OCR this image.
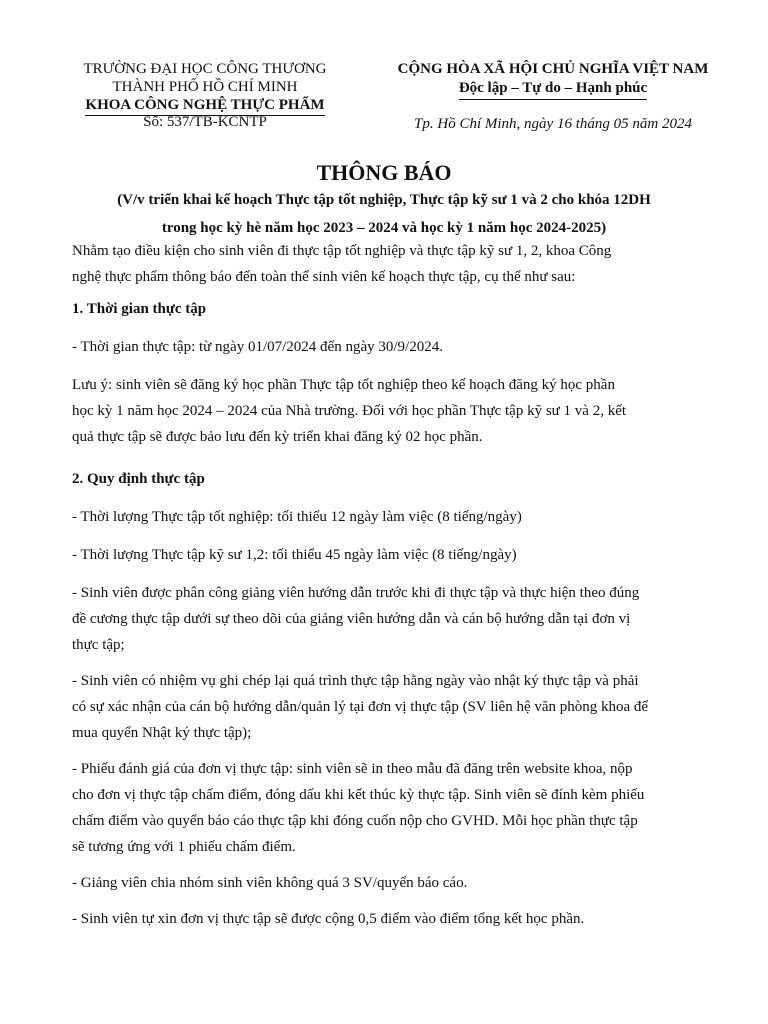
TRƯỜNG ĐẠI HỌC CÔNG THƯƠNG
THÀNH PHỐ HỒ CHÍ MINH
KHOA CÔNG NGHỆ THỰC PHẨM
Số: 537/TB-KCNTP
CỘNG HÒA XÃ HỘI CHỦ NGHĨA VIỆT NAM
Độc lập – Tự do – Hạnh phúc
Tp. Hồ Chí Minh, ngày 16 tháng 05 năm 2024
THÔNG BÁO
(V/v triển khai kế hoạch Thực tập tốt nghiệp, Thực tập kỹ sư 1 và 2 cho khóa 12DH
trong học kỳ hè năm học 2023 – 2024 và học kỳ 1 năm học 2024-2025)

Nhằm tạo điều kiện cho sinh viên đi thực tập tốt nghiệp và thực tập kỹ sư 1, 2, khoa Công

nghệ thực phẩm thông báo đến toàn thể sinh viên kế hoạch thực tập, cụ thể như sau:

1. Thời gian thực tập

- Thời gian thực tập: từ ngày 01/07/2024 đến ngày 30/9/2024.

Lưu ý: sinh viên sẽ đăng ký học phần Thực tập tốt nghiệp theo kế hoạch đăng ký học phần

học kỳ 1 năm học 2024 – 2024 của Nhà trường. Đối với học phần Thực tập kỹ sư 1 và 2, kết

quả thực tập sẽ được bảo lưu đến kỳ triển khai đăng ký 02 học phần.

2. Quy định thực tập

- Thời lượng Thực tập tốt nghiệp: tối thiểu 12 ngày làm việc (8 tiếng/ngày)

- Thời lượng Thực tập kỹ sư 1,2: tối thiểu 45 ngày làm việc (8 tiếng/ngày)

- Sinh viên được phân công giảng viên hướng dẫn trước khi đi thực tập và thực hiện theo đúng

đề cương thực tập dưới sự theo dõi của giảng viên hướng dẫn và cán bộ hướng dẫn tại đơn vị

thực tập;

- Sinh viên có nhiệm vụ ghi chép lại quá trình thực tập hằng ngày vào nhật ký thực tập và phải

có sự xác nhận của cán bộ hướng dẫn/quản lý tại đơn vị thực tập (SV liên hệ văn phòng khoa để

mua quyển Nhật ký thực tập);

- Phiếu đánh giá của đơn vị thực tập: sinh viên sẽ in theo mẫu đã đăng trên website khoa, nộp

cho đơn vị thực tập chấm điểm, đóng dấu khi kết thúc kỳ thực tập. Sinh viên sẽ đính kèm phiếu

chấm điểm vào quyển báo cáo thực tập khi đóng cuốn nộp cho GVHD. Mỗi học phần thực tập

sẽ tương ứng với 1 phiếu chấm điểm.

- Giảng viên chia nhóm sinh viên không quá 3 SV/quyển báo cáo.

- Sinh viên tự xin đơn vị thực tập sẽ được cộng 0,5 điểm vào điểm tổng kết học phần.
